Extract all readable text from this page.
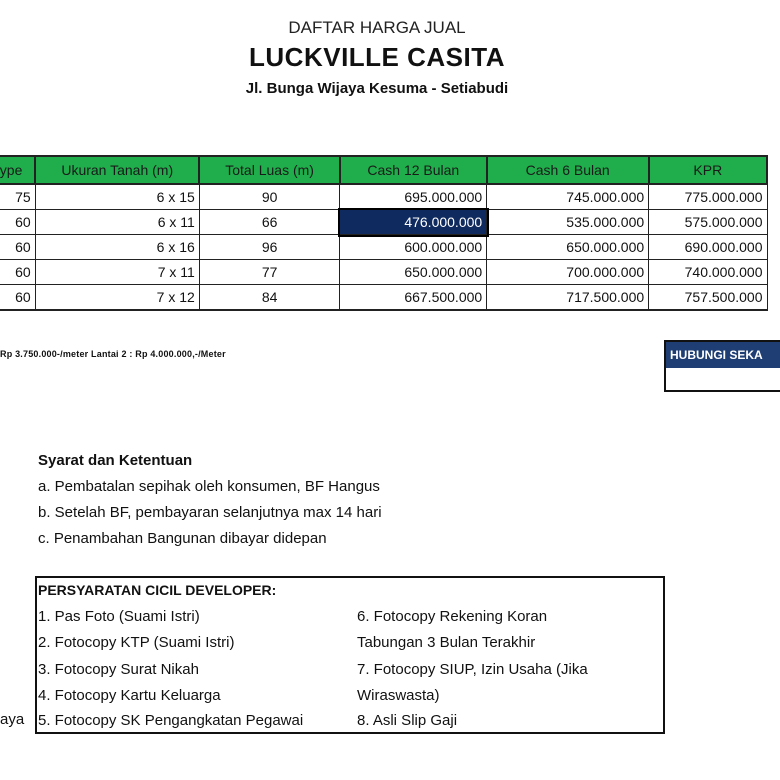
DAFTAR HARGA JUAL
LUCKVILLE CASITA
Jl. Bunga Wijaya Kesuma - Setiabudi
ype	Ukuran Tanah (m)	Total Luas (m)	Cash 12 Bulan	Cash 6 Bulan	KPR
75	6 x 15	90	695.000.000	745.000.000	775.000.000
60	6 x 11	66	476.000.000	535.000.000	575.000.000
60	6 x 16	96	600.000.000	650.000.000	690.000.000
60	7 x 11	77	650.000.000	700.000.000	740.000.000
60	7 x 12	84	667.500.000	717.500.000	757.500.000
Rp 3.750.000-/meter Lantai 2 : Rp 4.000.000,-/Meter	HUBUNGI SEKA
Syarat dan Ketentuan
a. Pembatalan sepihak oleh konsumen, BF Hangus
b. Setelah BF, pembayaran selanjutnya max 14 hari
c. Penambahan Bangunan dibayar didepan
PERSYARATAN CICIL DEVELOPER:
1. Pas Foto (Suami Istri)
2. Fotocopy KTP (Suami Istri)
3. Fotocopy Surat Nikah
4. Fotocopy Kartu Keluarga
5. Fotocopy SK Pengangkatan Pegawai
6. Fotocopy Rekening Koran
Tabungan 3 Bulan Terakhir
7. Fotocopy SIUP, Izin Usaha (Jika
Wiraswasta)
8. Asli Slip Gaji
aya
